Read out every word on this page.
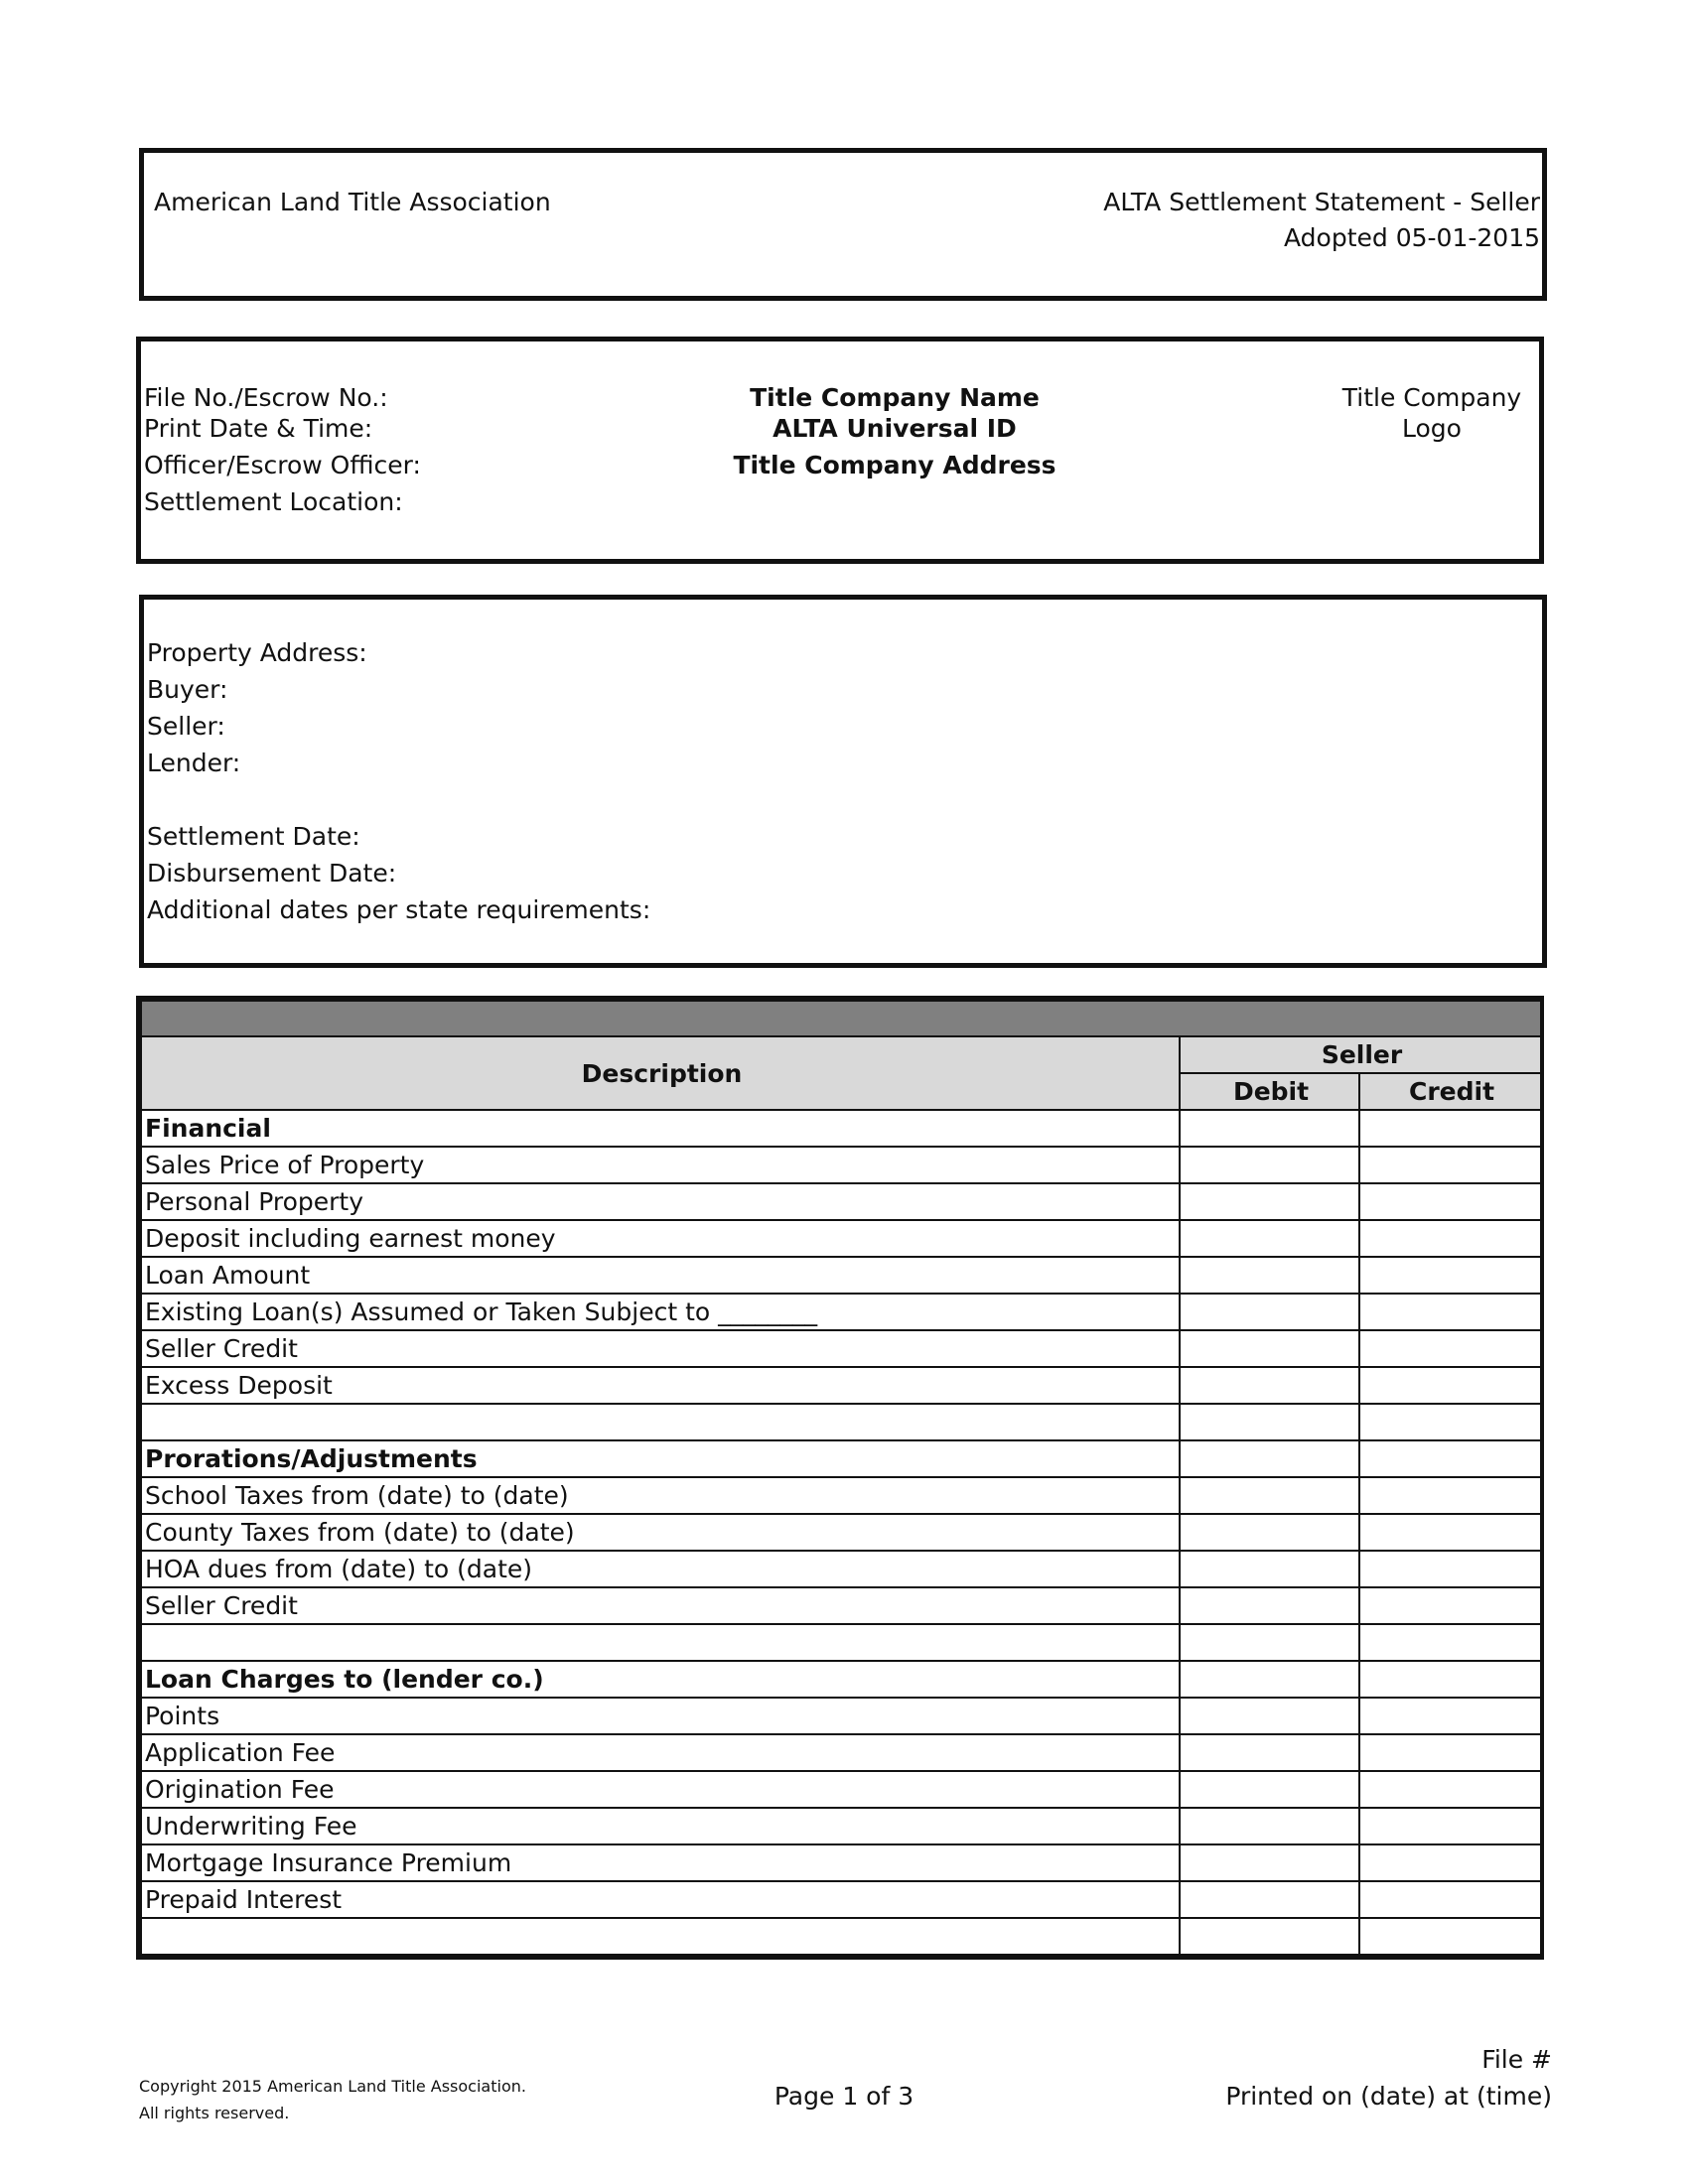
American Land Title Association	ALTA Settlement Statement - Seller
Adopted 05-01-2015
File No./Escrow No.:
Print Date & Time:
Officer/Escrow Officer:
Settlement Location:
Title Company Name
ALTA Universal ID
Title Company Address
Title Company
Logo
Property Address:
Buyer:
Seller:
Lender:
Settlement Date:
Disbursement Date:
Additional dates per state requirements:

Description	Seller	
	Debit	Credit
Financial		
Sales Price of Property		
Personal Property		
Deposit including earnest money		
Loan Amount		
Existing Loan(s) Assumed or Taken Subject to ________		
Seller Credit		
Excess Deposit		

Prorations/Adjustments		
School Taxes from (date) to (date)		
County Taxes from (date) to (date)		
HOA dues from (date) to (date)		
Seller Credit		

Loan Charges to (lender co.)		
Points		
Application Fee		
Origination Fee		
Underwriting Fee		
Mortgage Insurance Premium		
Prepaid Interest		

Copyright 2015 American Land Title Association.
All rights reserved.
Page 1 of 3
File #
Printed on (date) at (time)
